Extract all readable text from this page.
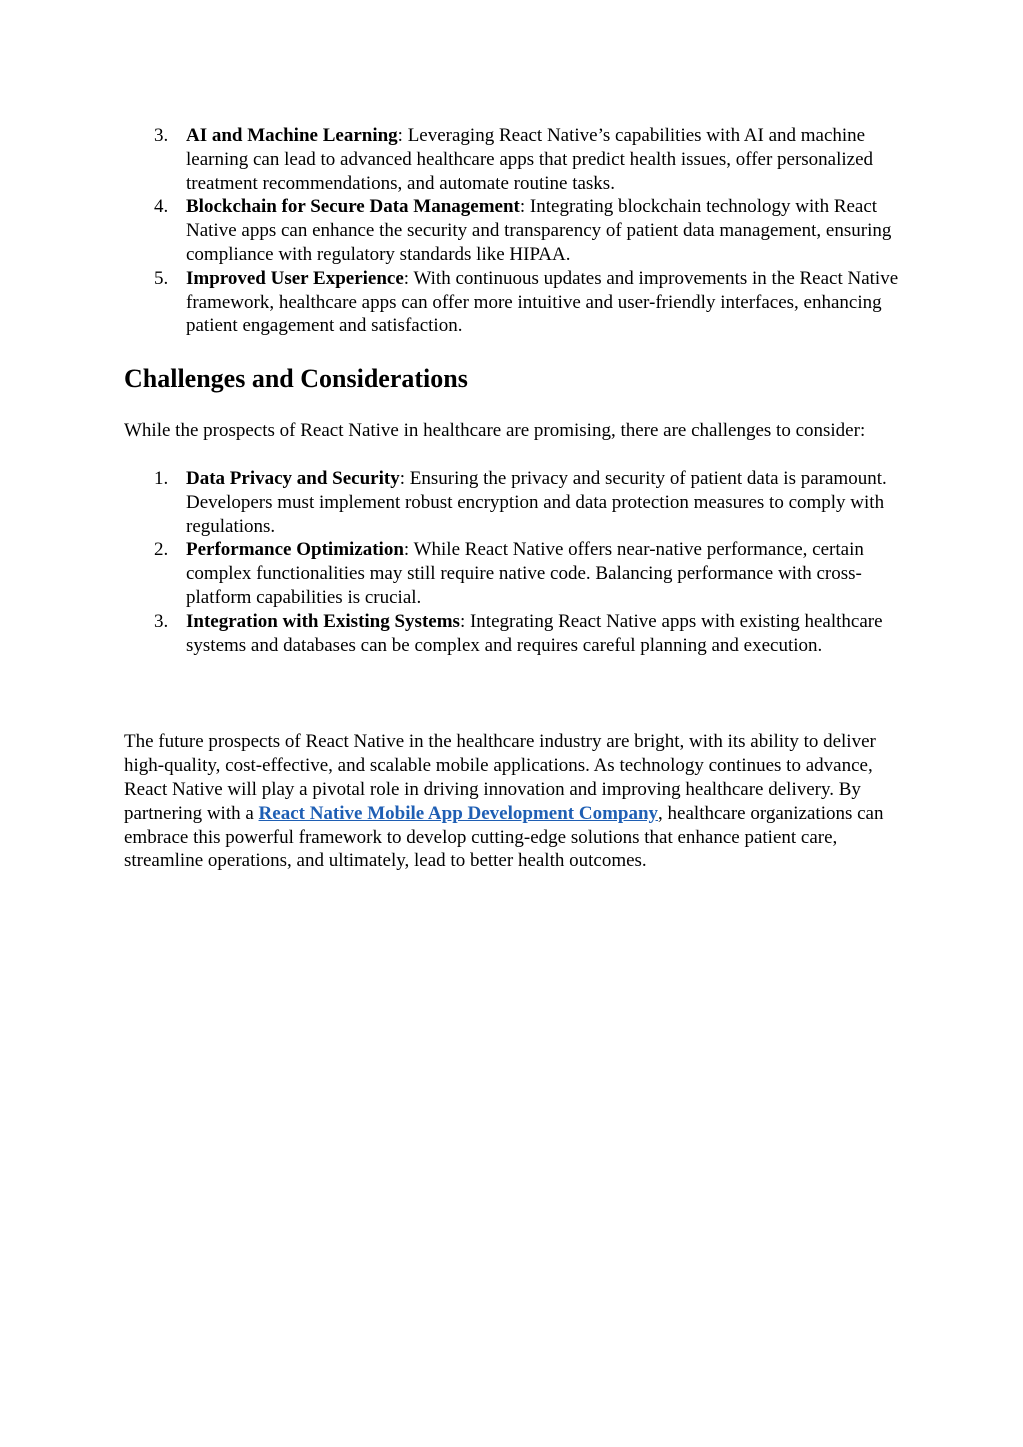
3. AI and Machine Learning: Leveraging React Native’s capabilities with AI and machine learning can lead to advanced healthcare apps that predict health issues, offer personalized treatment recommendations, and automate routine tasks.
4. Blockchain for Secure Data Management: Integrating blockchain technology with React Native apps can enhance the security and transparency of patient data management, ensuring compliance with regulatory standards like HIPAA.
5. Improved User Experience: With continuous updates and improvements in the React Native framework, healthcare apps can offer more intuitive and user-friendly interfaces, enhancing patient engagement and satisfaction.
Challenges and Considerations

While the prospects of React Native in healthcare are promising, there are challenges to consider:

1. Data Privacy and Security: Ensuring the privacy and security of patient data is paramount. Developers must implement robust encryption and data protection measures to comply with regulations.
2. Performance Optimization: While React Native offers near-native performance, certain complex functionalities may still require native code. Balancing performance with cross-platform capabilities is crucial.
3. Integration with Existing Systems: Integrating React Native apps with existing healthcare systems and databases can be complex and requires careful planning and execution.

The future prospects of React Native in the healthcare industry are bright, with its ability to deliver high-quality, cost-effective, and scalable mobile applications. As technology continues to advance, React Native will play a pivotal role in driving innovation and improving healthcare delivery. By partnering with a React Native Mobile App Development Company, healthcare organizations can embrace this powerful framework to develop cutting-edge solutions that enhance patient care, streamline operations, and ultimately, lead to better health outcomes.
